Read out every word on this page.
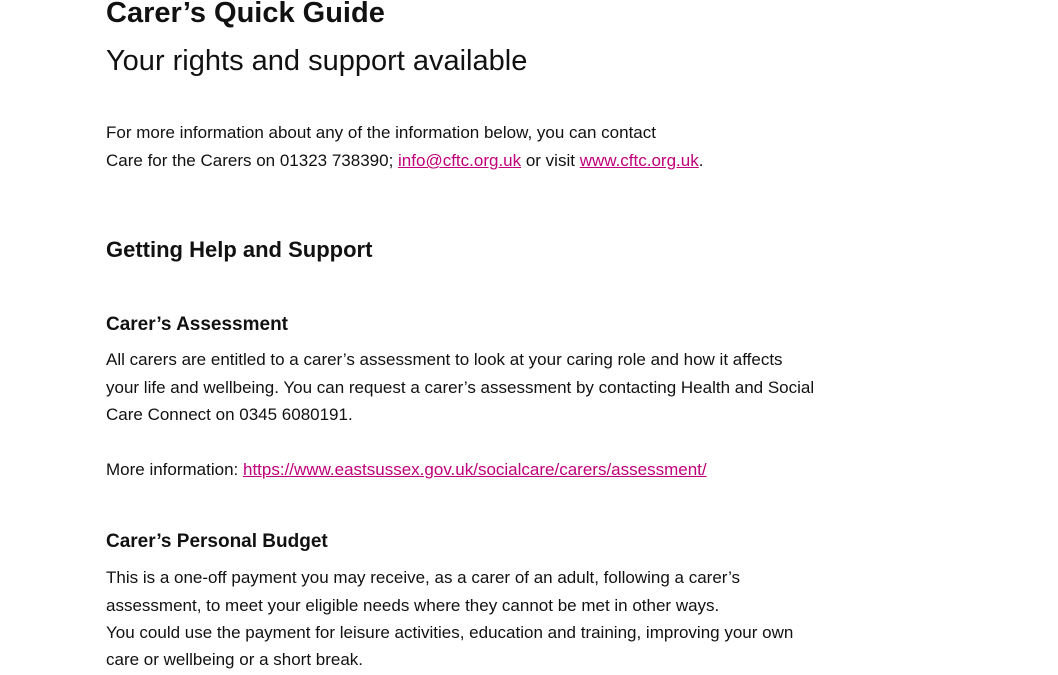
Carer’s Quick Guide
Your rights and support available

For more information about any of the information below, you can contact

Care for the Carers on 01323 738390; info@cftc.org.uk or visit www.cftc.org.uk.

Getting Help and Support
Carer’s Assessment

All carers are entitled to a carer’s assessment to look at your caring role and how it affects

your life and wellbeing. You can request a carer’s assessment by contacting Health and Social

Care Connect on 0345 6080191.

More information: https://www.eastsussex.gov.uk/socialcare/carers/assessment/

Carer’s Personal Budget

This is a one-off payment you may receive, as a carer of an adult, following a carer’s

assessment, to meet your eligible needs where they cannot be met in other ways.

You could use the payment for leisure activities, education and training, improving your own

care or wellbeing or a short break.
